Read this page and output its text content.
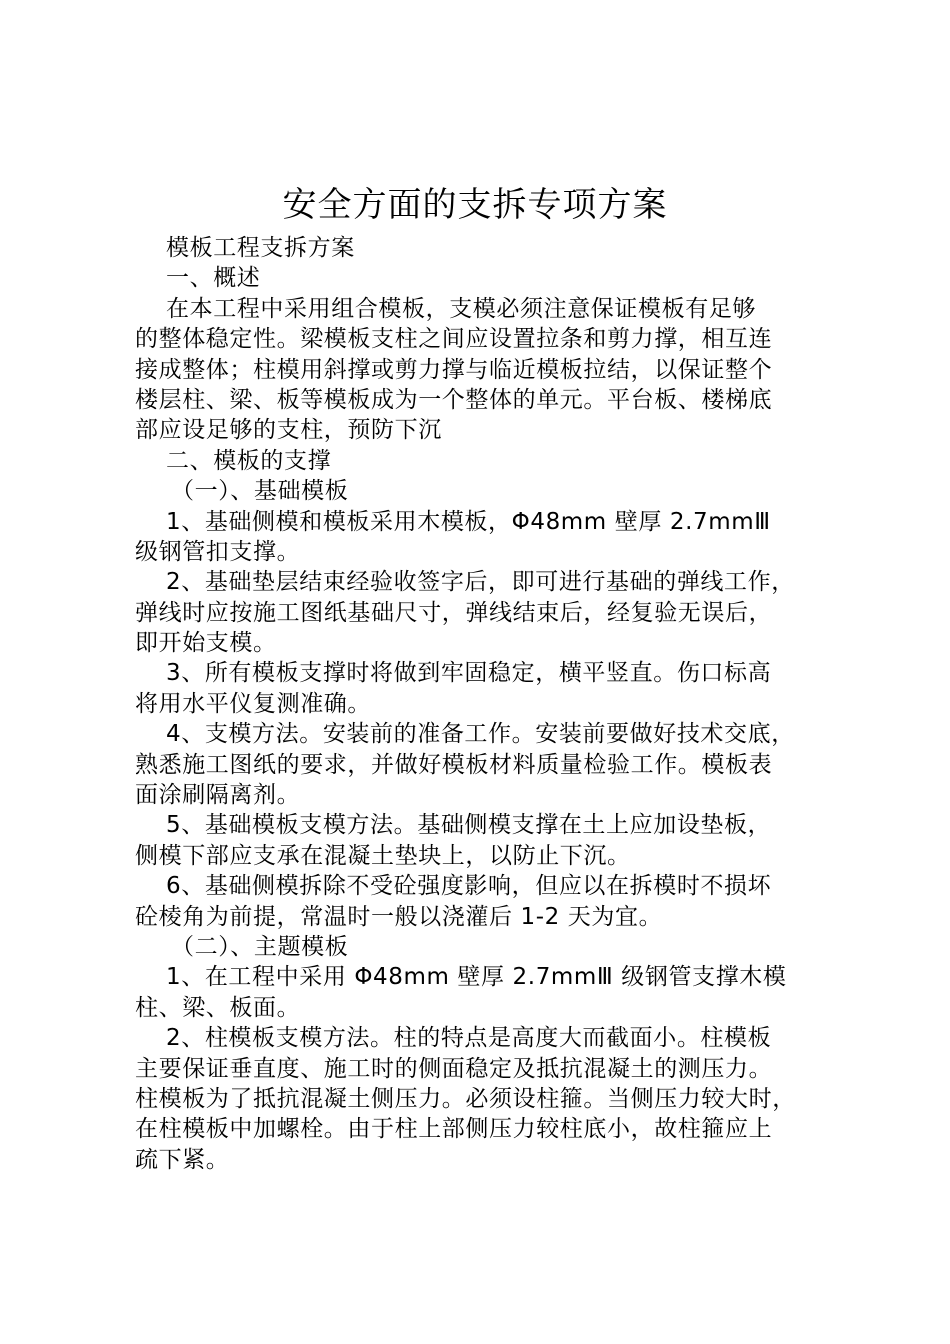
安全方面的支拆专项方案
模板工程支拆方案
一、概述
在本工程中采用组合模板，支模必须注意保证模板有足够
的整体稳定性。梁模板支柱之间应设置拉条和剪力撑，相互连
接成整体；柱模用斜撑或剪力撑与临近模板拉结，以保证整个
楼层柱、梁、板等模板成为一个整体的单元。平台板、楼梯底
部应设足够的支柱，预防下沉
二、模板的支撑
（一）、基础模板
1、基础侧模和模板采用木模板，Φ48mm 壁厚 2.7mmⅢ
级钢管扣支撑。
2、基础垫层结束经验收签字后，即可进行基础的弹线工作，
弹线时应按施工图纸基础尺寸，弹线结束后，经复验无误后，
即开始支模。
3、所有模板支撑时将做到牢固稳定，横平竖直。伤口标高
将用水平仪复测准确。
4、支模方法。安装前的准备工作。安装前要做好技术交底，
熟悉施工图纸的要求，并做好模板材料质量检验工作。模板表
面涂刷隔离剂。
5、基础模板支模方法。基础侧模支撑在土上应加设垫板，
侧模下部应支承在混凝土垫块上，以防止下沉。
6、基础侧模拆除不受砼强度影响，但应以在拆模时不损坏
砼棱角为前提，常温时一般以浇灌后 1-2 天为宜。
（二）、主题模板
1、在工程中采用 Φ48mm 壁厚 2.7mmⅢ 级钢管支撑木模
柱、梁、板面。
2、柱模板支模方法。柱的特点是高度大而截面小。柱模板
主要保证垂直度、施工时的侧面稳定及抵抗混凝土的测压力。
柱模板为了抵抗混凝土侧压力。必须设柱箍。当侧压力较大时，
在柱模板中加螺栓。由于柱上部侧压力较柱底小，故柱箍应上
疏下紧。
